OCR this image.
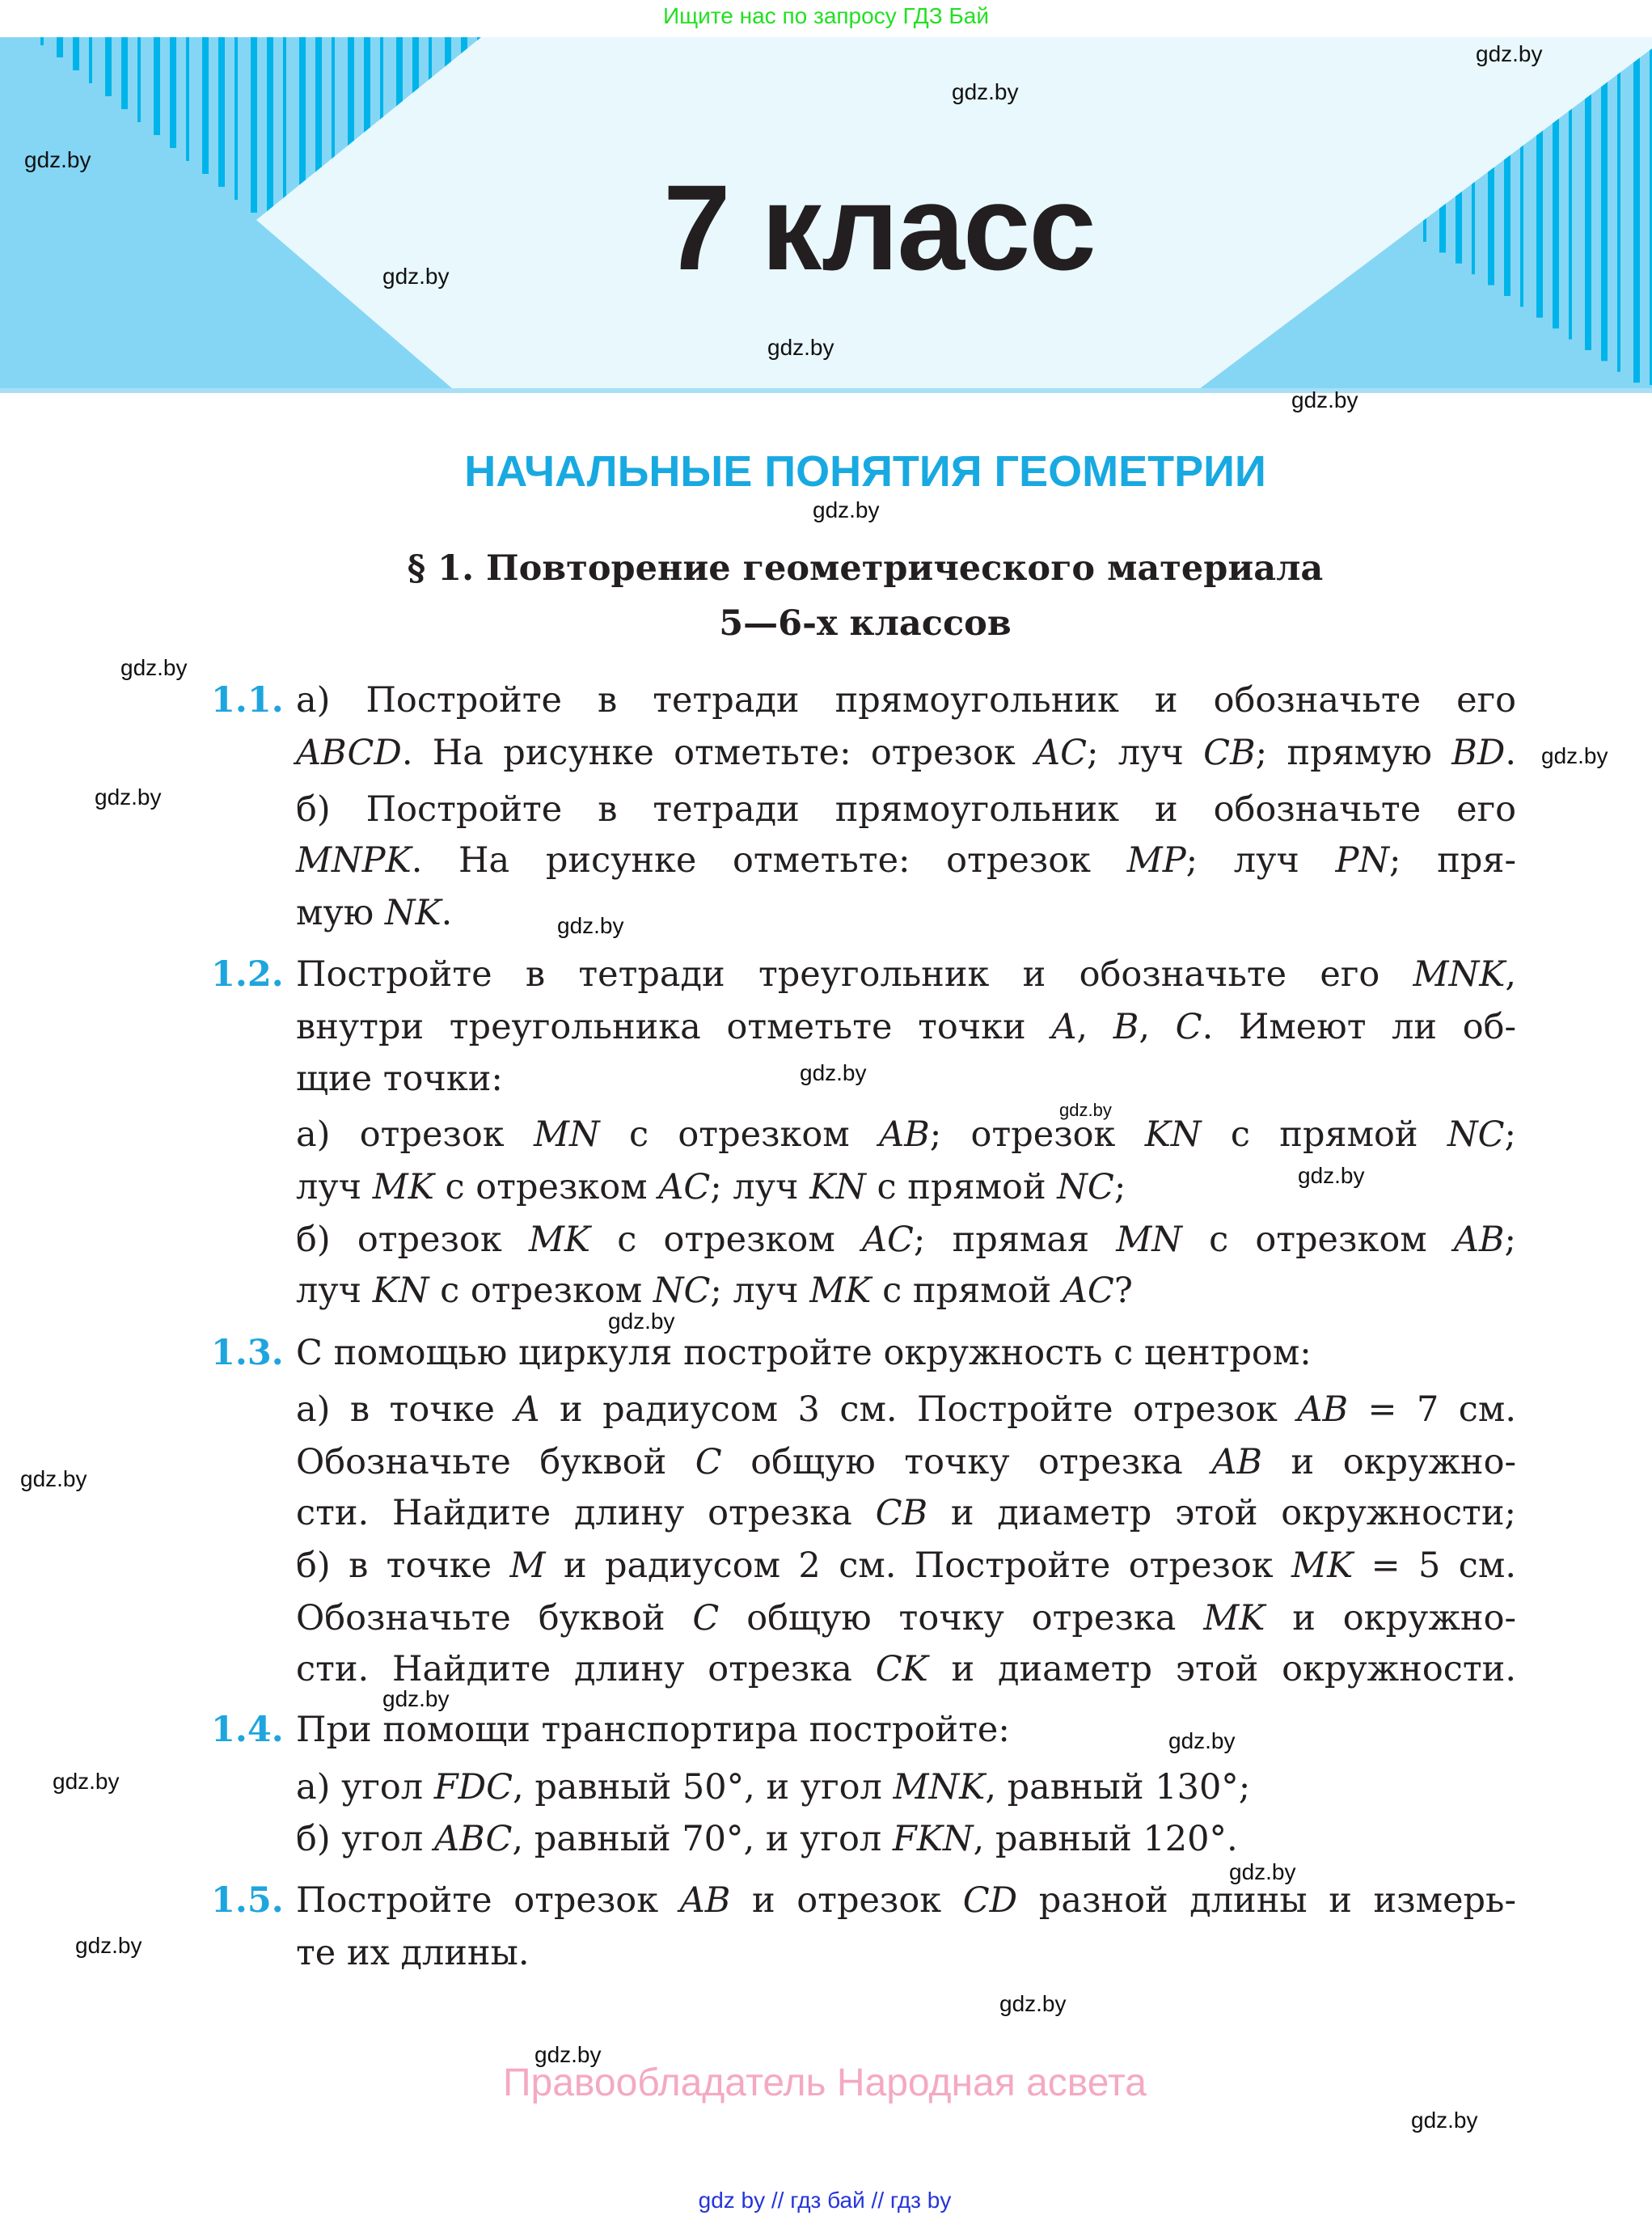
Ищите нас по запросу ГДЗ Бай
7 класс
НАЧАЛЬНЫЕ ПОНЯТИЯ ГЕОМЕТРИИ
§ 1. Повторение геометрического материала
5—6-х классов
1.1. а) Постройте в тетради прямоугольник и обозначьте его
ABCD. На рисунке отметьте: отрезок AC; луч CB; прямую BD.
б) Постройте в тетради прямоугольник и обозначьте его
MNPK. На рисунке отметьте: отрезок MP; луч PN; пря-
мую NK.
1.2. Постройте в тетради треугольник и обозначьте его MNK,
внутри треугольника отметьте точки A, B, C. Имеют ли об-
щие точки:
а) отрезок MN с отрезком AB; отрезок KN с прямой NC;
луч MK с отрезком AC; луч KN с прямой NC;
б) отрезок MK с отрезком AC; прямая MN с отрезком AB;
луч KN с отрезком NC; луч MK с прямой AC?
1.3. С помощью циркуля постройте окружность с центром:
а) в точке A и радиусом 3 см. Постройте отрезок AB = 7 см.
Обозначьте буквой C общую точку отрезка AB и окружно-
сти. Найдите длину отрезка CB и диаметр этой окружности;
б) в точке M и радиусом 2 см. Постройте отрезок MK = 5 см.
Обозначьте буквой C общую точку отрезка MK и окружно-
сти. Найдите длину отрезка CK и диаметр этой окружности.
1.4. При помощи транспортира постройте:
а) угол FDC, равный 50°, и угол MNK, равный 130°;
б) угол ABC, равный 70°, и угол FKN, равный 120°.
1.5. Постройте отрезок AB и отрезок CD разной длины и измерь-
те их длины.
gdz.by
gdz.by
gdz.by
gdz.by
gdz.by
gdz.by
gdz.by
gdz.by
gdz.by
gdz.by
gdz.by
gdz.by
gdz.by
gdz.by
gdz.by
gdz.by
gdz.by
gdz.by
gdz.by
gdz.by
gdz.by
gdz.by
gdz.by
gdz.by
Правообладатель Народная асвета
gdz by // гдз бай // гдз by
